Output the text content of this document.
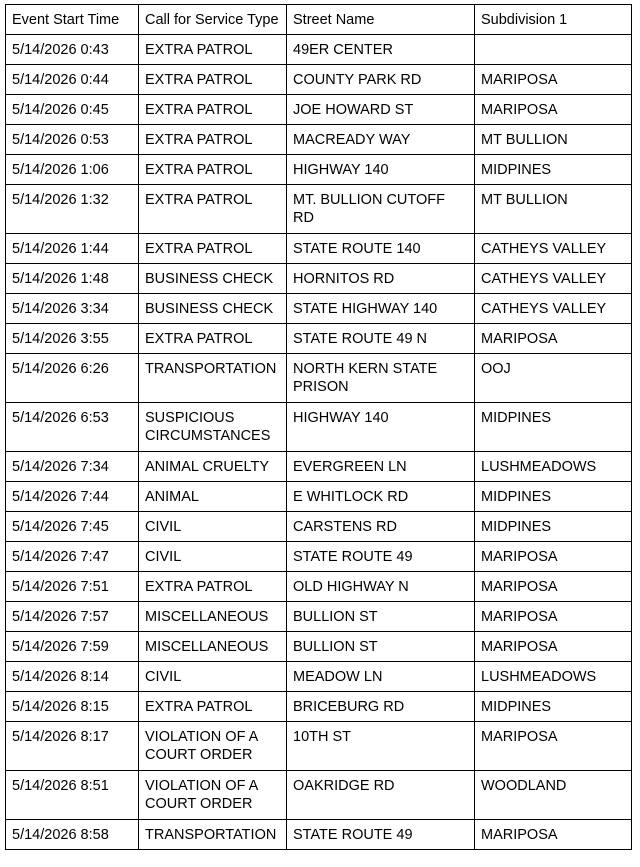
Event Start Time	Call for Service Type	Street Name	Subdivision 1
5/14/2026 0:43	EXTRA PATROL	49ER CENTER	
5/14/2026 0:44	EXTRA PATROL	COUNTY PARK RD	MARIPOSA
5/14/2026 0:45	EXTRA PATROL	JOE HOWARD ST	MARIPOSA
5/14/2026 0:53	EXTRA PATROL	MACREADY WAY	MT BULLION
5/14/2026 1:06	EXTRA PATROL	HIGHWAY 140	MIDPINES
5/14/2026 1:32	EXTRA PATROL	MT. BULLION CUTOFF RD	MT BULLION
5/14/2026 1:44	EXTRA PATROL	STATE ROUTE 140	CATHEYS VALLEY
5/14/2026 1:48	BUSINESS CHECK	HORNITOS RD	CATHEYS VALLEY
5/14/2026 3:34	BUSINESS CHECK	STATE HIGHWAY 140	CATHEYS VALLEY
5/14/2026 3:55	EXTRA PATROL	STATE ROUTE 49 N	MARIPOSA
5/14/2026 6:26	TRANSPORTATION	NORTH KERN STATE PRISON	OOJ
5/14/2026 6:53	SUSPICIOUS CIRCUMSTANCES	HIGHWAY 140	MIDPINES
5/14/2026 7:34	ANIMAL CRUELTY	EVERGREEN LN	LUSHMEADOWS
5/14/2026 7:44	ANIMAL	E WHITLOCK RD	MIDPINES
5/14/2026 7:45	CIVIL	CARSTENS RD	MIDPINES
5/14/2026 7:47	CIVIL	STATE ROUTE 49	MARIPOSA
5/14/2026 7:51	EXTRA PATROL	OLD HIGHWAY N	MARIPOSA
5/14/2026 7:57	MISCELLANEOUS	BULLION ST	MARIPOSA
5/14/2026 7:59	MISCELLANEOUS	BULLION ST	MARIPOSA
5/14/2026 8:14	CIVIL	MEADOW LN	LUSHMEADOWS
5/14/2026 8:15	EXTRA PATROL	BRICEBURG RD	MIDPINES
5/14/2026 8:17	VIOLATION OF A COURT ORDER	10TH ST	MARIPOSA
5/14/2026 8:51	VIOLATION OF A COURT ORDER	OAKRIDGE RD	WOODLAND
5/14/2026 8:58	TRANSPORTATION	STATE ROUTE 49	MARIPOSA
